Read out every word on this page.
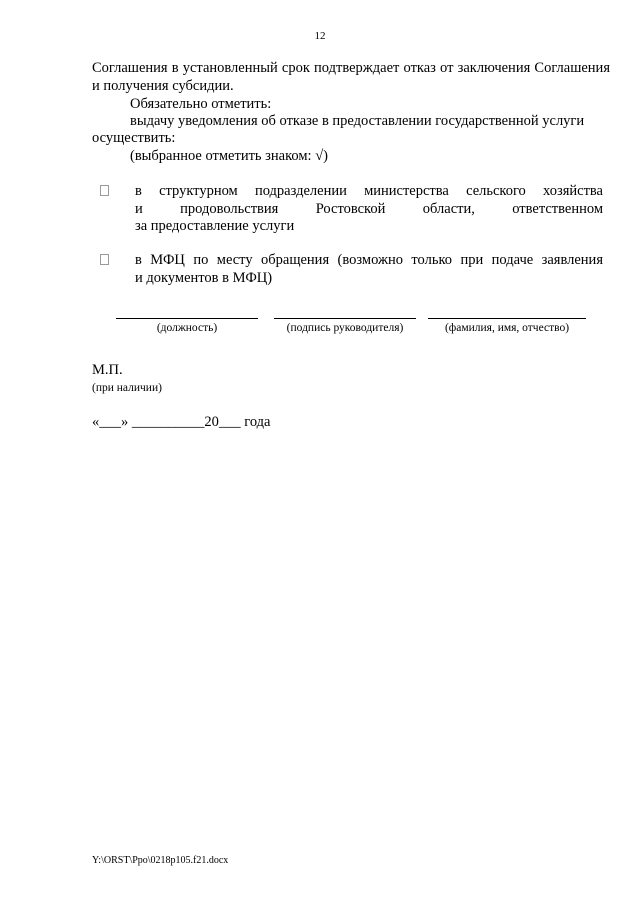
12
Соглашения в установленный срок подтверждает отказ от заключения Соглашения и получения субсидии.
Обязательно отметить:
выдачу уведомления об отказе в предоставлении государственной услуги
осуществить:
(выбранное отметить знаком: √)
в структурном подразделении министерства сельского хозяйства
и продовольствия Ростовской области, ответственном
за предоставление услуги
в МФЦ по месту обращения (возможно только при подаче заявления
и документов в МФЦ)
(должность)	(подпись руководителя)	(фамилия, имя, отчество)
М.П.
(при наличии)
«___» __________20___ года
Y:\ORST\Ppo\0218p105.f21.docx
